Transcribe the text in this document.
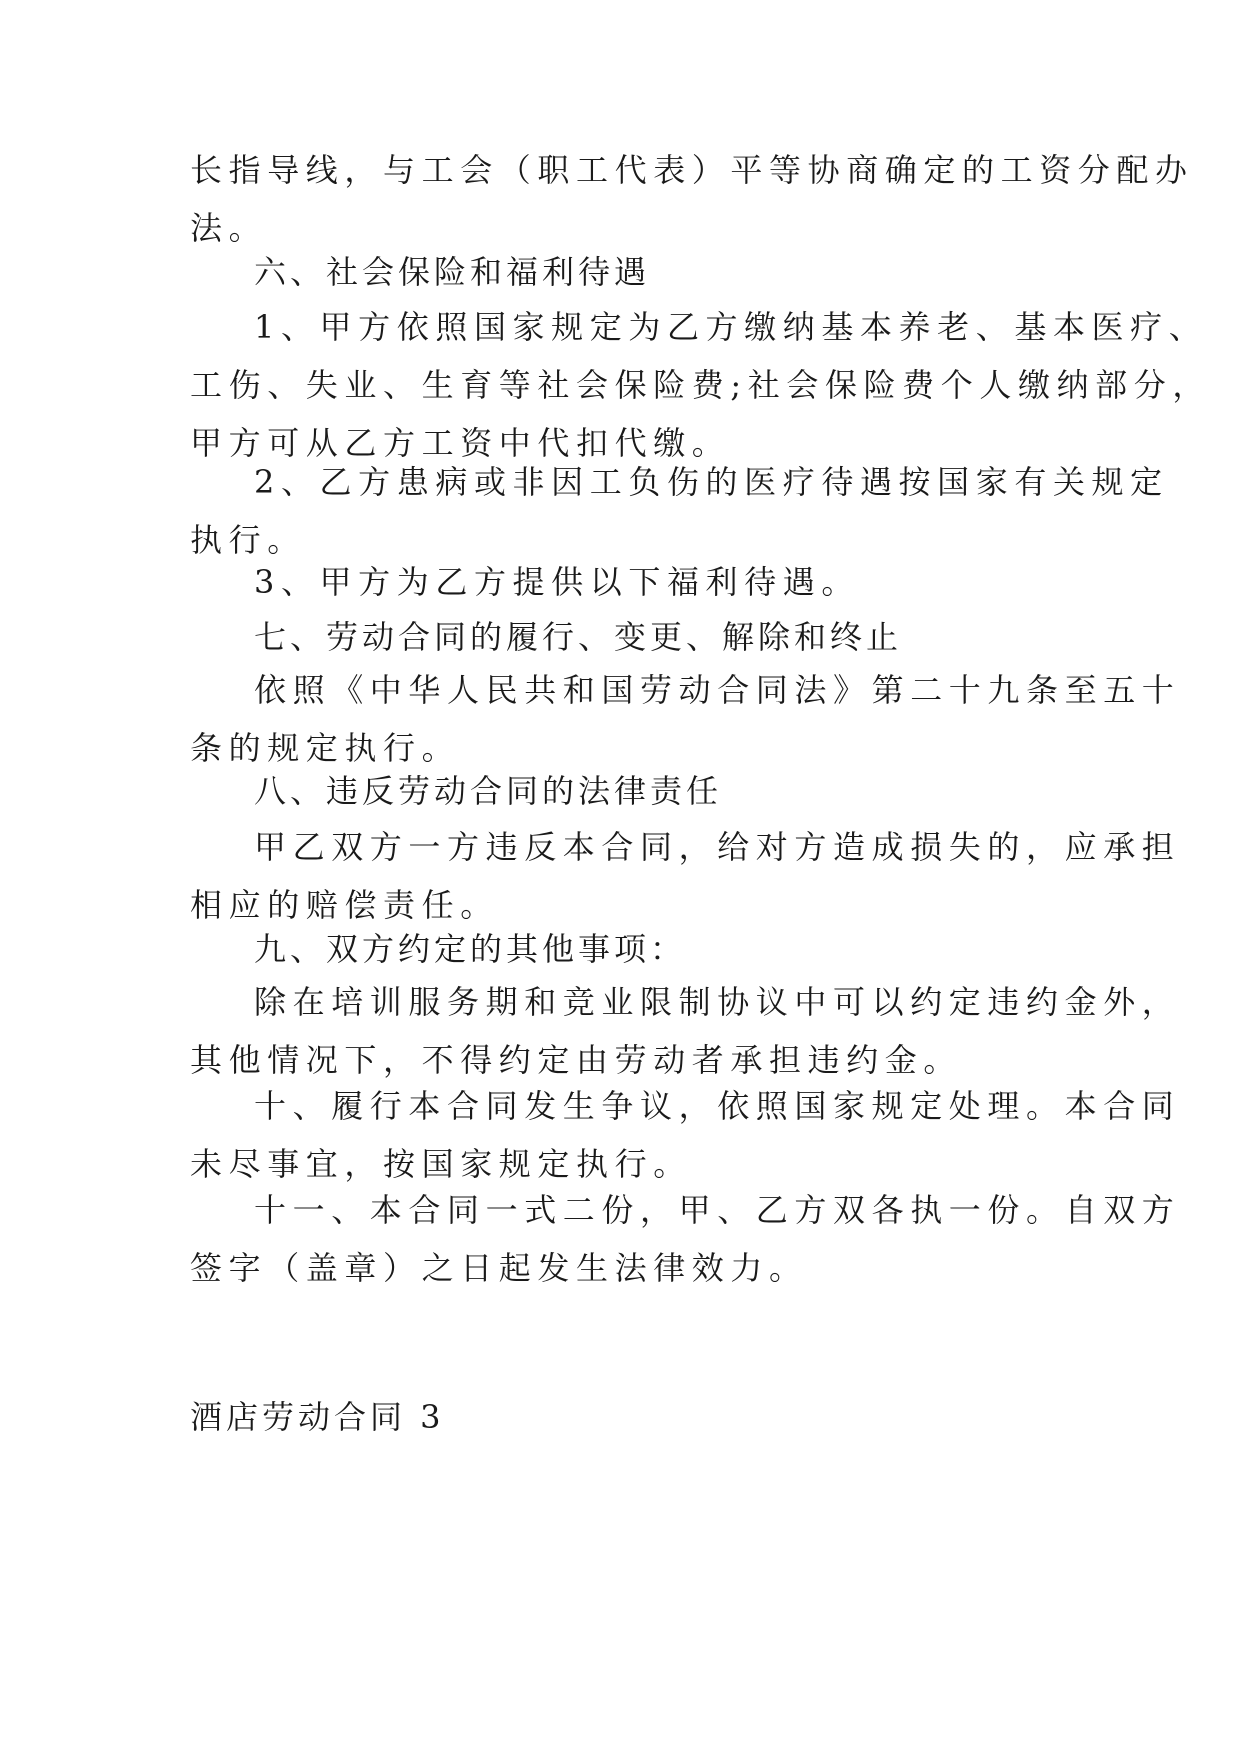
长指导线，与工会（职工代表）平等协商确定的工资分配办
法。
六、社会保险和福利待遇
1、甲方依照国家规定为乙方缴纳基本养老、基本医疗、
工伤、失业、生育等社会保险费;社会保险费个人缴纳部分，
甲方可从乙方工资中代扣代缴。
2、乙方患病或非因工负伤的医疗待遇按国家有关规定
执行。
3、甲方为乙方提供以下福利待遇。
七、劳动合同的履行、变更、解除和终止
依照《中华人民共和国劳动合同法》第二十九条至五十
条的规定执行。
八、违反劳动合同的法律责任
甲乙双方一方违反本合同，给对方造成损失的，应承担
相应的赔偿责任。
九、双方约定的其他事项：
除在培训服务期和竞业限制协议中可以约定违约金外，
其他情况下，不得约定由劳动者承担违约金。
十、履行本合同发生争议，依照国家规定处理。本合同
未尽事宜，按国家规定执行。
十一、本合同一式二份，甲、乙方双各执一份。自双方
签字（盖章）之日起发生法律效力。
酒店劳动合同 3
